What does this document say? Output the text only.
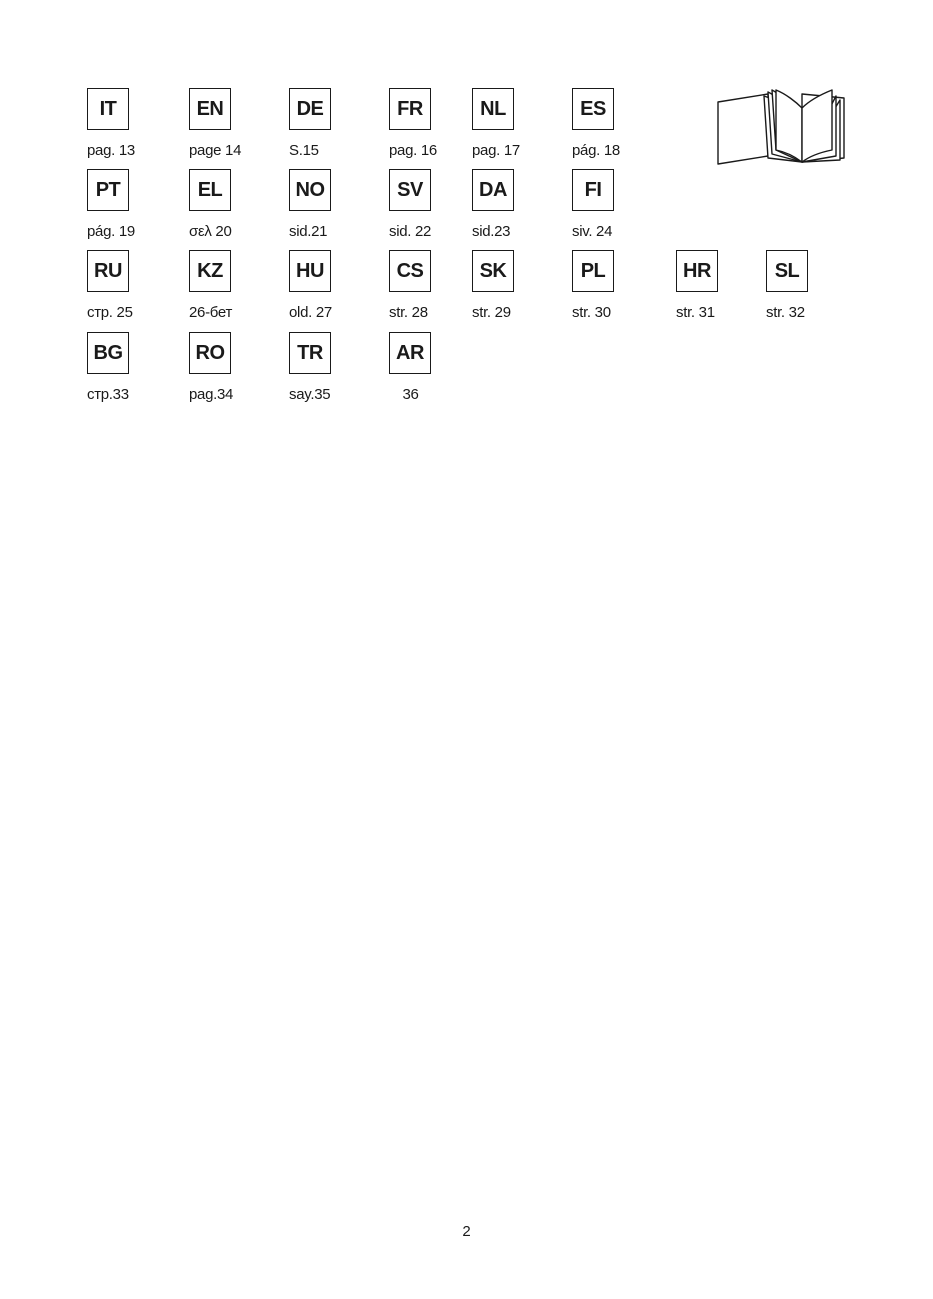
IT
pag. 13
EN
page 14
DE
S.15
FR
pag. 16
NL
pag. 17
ES
pág. 18
PT
pág. 19
EL
σελ 20
NO
sid.21
SV
sid. 22
DA
sid.23
FI
siv. 24
RU
стр. 25
KZ
26-бет
HU
old. 27
CS
str. 28
SK
str. 29
PL
str. 30
HR
str. 31
SL
str. 32
BG
стр.33
RO
pag.34
TR
say.35
AR
36
2
